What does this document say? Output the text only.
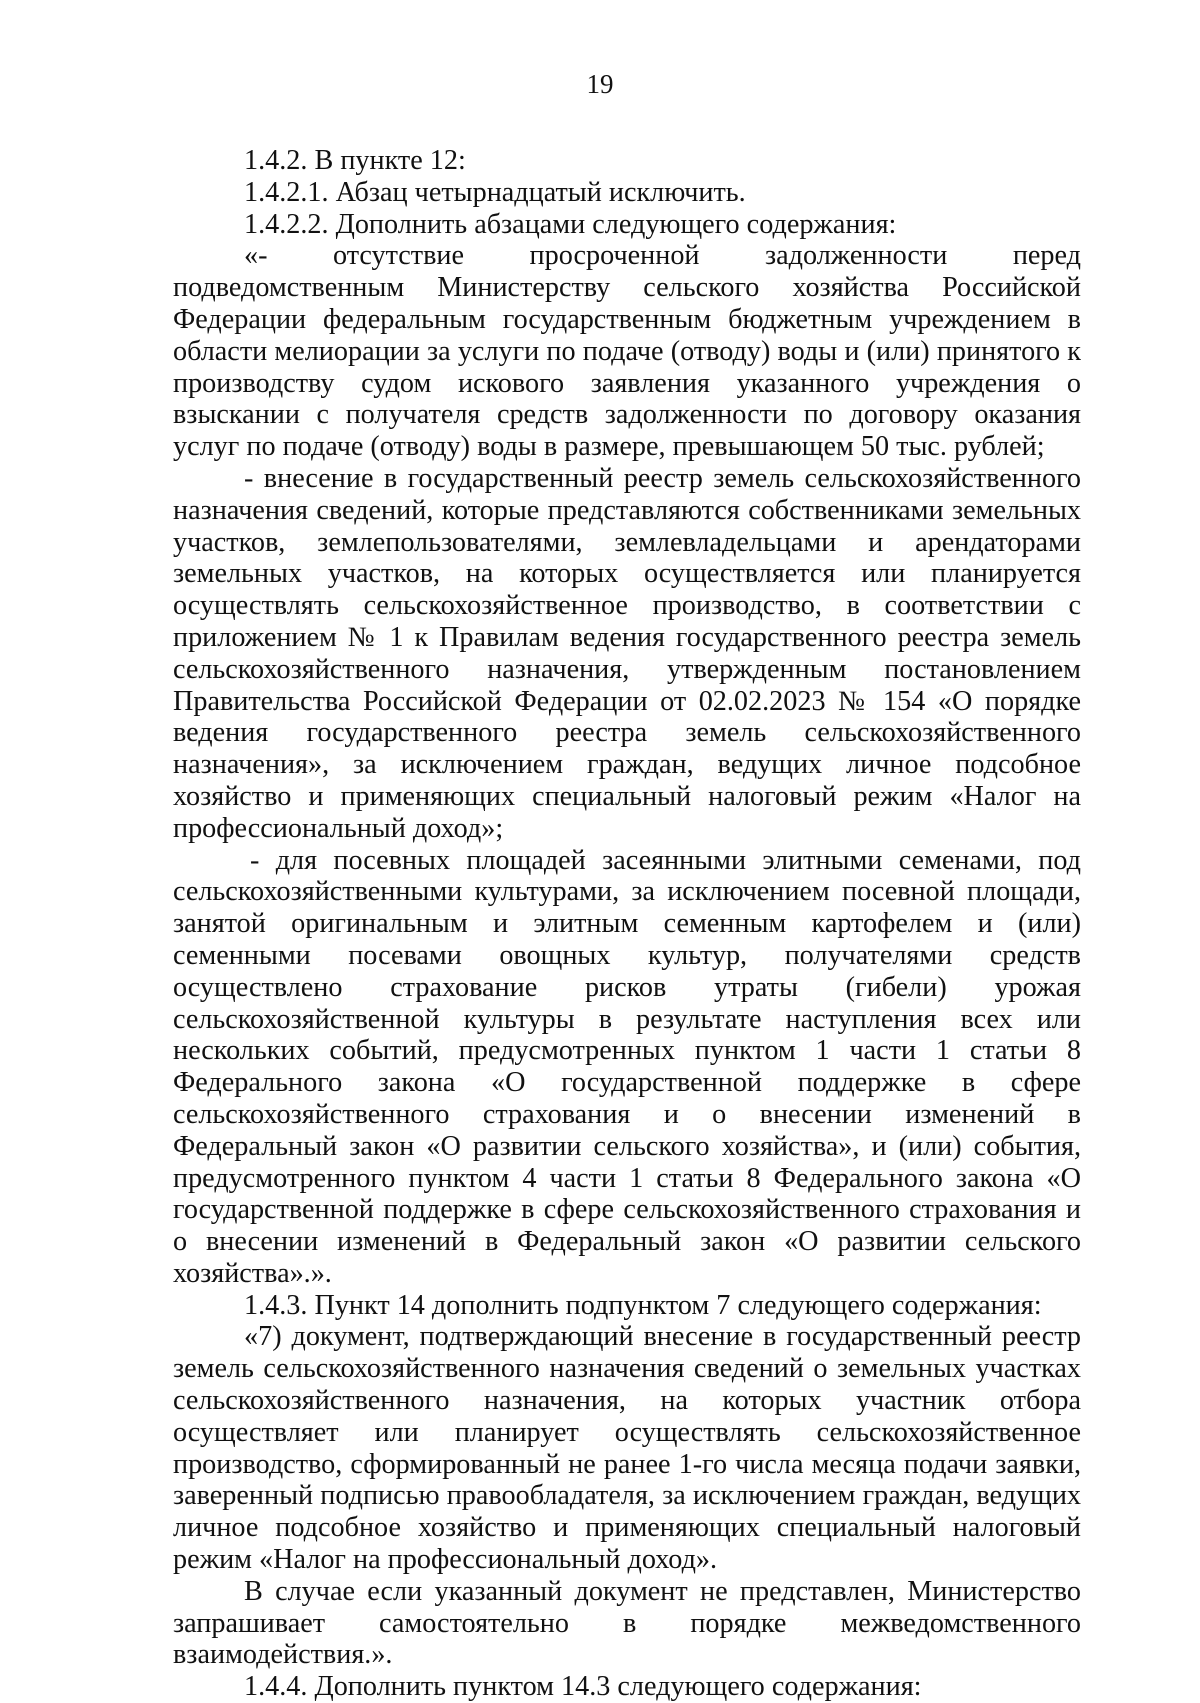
19

1.4.2. В пункте 12:

1.4.2.1. Абзац четырнадцатый исключить.

1.4.2.2. Дополнить абзацами следующего содержания:

«- отсутствие просроченной задолженности перед подведомственным Министерству сельского хозяйства Российской Федерации федеральным государственным бюджетным учреждением в области мелиорации за услуги по подаче (отводу) воды и (или) принятого к производству судом искового заявления указанного учреждения о взыскании с получателя средств задолженности по договору оказания услуг по подаче (отводу) воды в размере, превышающем 50 тыс. рублей;

- внесение в государственный реестр земель сельскохозяйственного назначения сведений, которые представляются собственниками земельных участков, землепользователями, землевладельцами и арендаторами земельных участков, на которых осуществляется или планируется осуществлять сельскохозяйственное производство, в соответствии с приложением № 1 к Правилам ведения государственного реестра земель сельскохозяйственного назначения, утвержденным постановлением Правительства Российской Федерации от 02.02.2023 № 154 «О порядке ведения государственного реестра земель сельскохозяйственного назначения», за исключением граждан, ведущих личное подсобное хозяйство и применяющих специальный налоговый режим «Налог на профессиональный доход»;

- для посевных площадей засеянными элитными семенами, под сельскохозяйственными культурами, за исключением посевной площади, занятой оригинальным и элитным семенным картофелем и (или) семенными посевами овощных культур, получателями средств осуществлено страхование рисков утраты (гибели) урожая сельскохозяйственной культуры в результате наступления всех или нескольких событий, предусмотренных пунктом 1 части 1 статьи 8 Федерального закона «О государственной поддержке в сфере сельскохозяйственного страхования и о внесении изменений в Федеральный закон «О развитии сельского хозяйства», и (или) события, предусмотренного пунктом 4 части 1 статьи 8 Федерального закона «О государственной поддержке в сфере сельскохозяйственного страхования и о внесении изменений в Федеральный закон «О развитии сельского хозяйства».».

1.4.3. Пункт 14 дополнить подпунктом 7 следующего содержания:

«7) документ, подтверждающий внесение в государственный реестр земель сельскохозяйственного назначения сведений о земельных участках сельскохозяйственного назначения, на которых участник отбора осуществляет или планирует осуществлять сельскохозяйственное производство, сформированный не ранее 1-го числа месяца подачи заявки, заверенный подписью правообладателя, за исключением граждан, ведущих личное подсобное хозяйство и применяющих специальный налоговый режим «Налог на профессиональный доход».

В случае если указанный документ не представлен, Министерство запрашивает самостоятельно в порядке межведомственного взаимодействия.».

1.4.4. Дополнить пунктом 14.3 следующего содержания:
